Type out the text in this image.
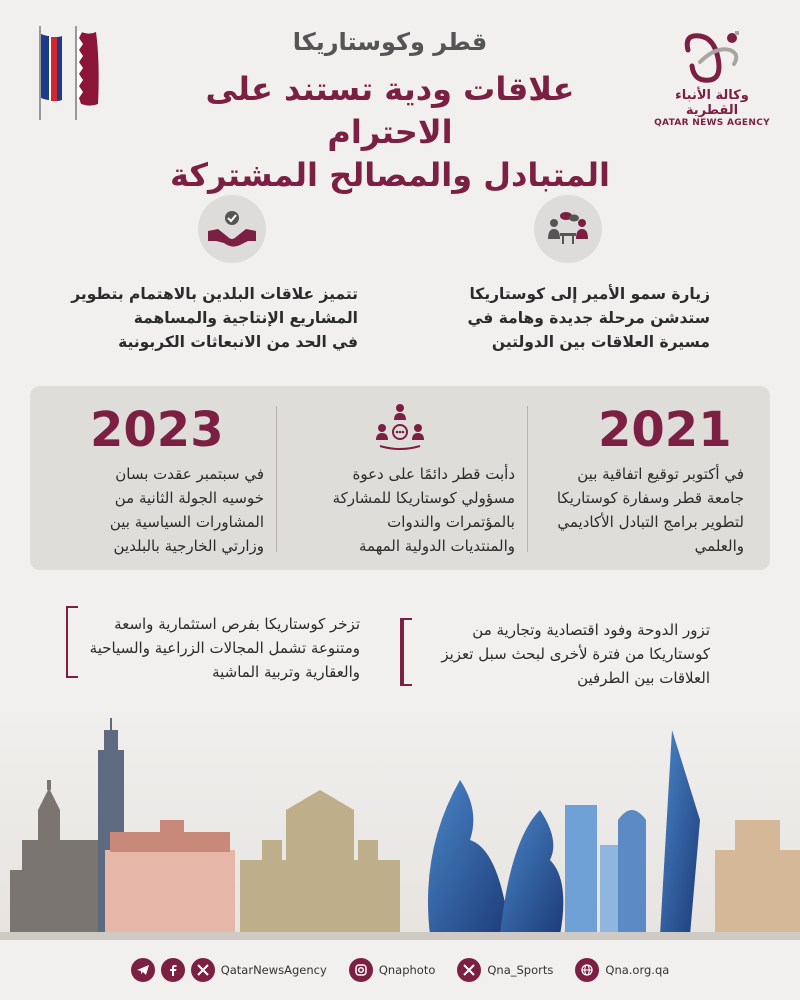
قطر وكوستاريكا
علاقات ودية تستند على الاحترام
المتبادل والمصالح المشتركة
وكالة الأنباء القطرية
QATAR NEWS AGENCY
زيارة سمو الأمير إلى كوستاريكا
ستدشن مرحلة جديدة وهامة في
مسيرة العلاقات بين الدولتين
تتميز علاقات البلدين بالاهتمام بتطوير
المشاريع الإنتاجية والمساهمة
في الحد من الانبعاثات الكربونية
2021
في أكتوبر توقيع اتفاقية بين
جامعة قطر وسفارة كوستاريكا
لتطوير برامج التبادل الأكاديمي
والعلمي
دأبت قطر دائمًا على دعوة
مسؤولي كوستاريكا للمشاركة
بالمؤتمرات والندوات
والمنتديات الدولية المهمة
2023
في سبتمبر عقدت بسان
خوسيه الجولة الثانية من
المشاورات السياسية بين
وزارتي الخارجية بالبلدين
تزور الدوحة وفود اقتصادية وتجارية من
كوستاريكا من فترة لأخرى لبحث سبل تعزيز
العلاقات بين الطرفين
تزخر كوستاريكا بفرص استثمارية واسعة
ومتنوعة تشمل المجالات الزراعية والسياحية
والعقارية وتربية الماشية
QatarNewsAgency	Qnaphoto	Qna_Sports	Qna.org.qa
